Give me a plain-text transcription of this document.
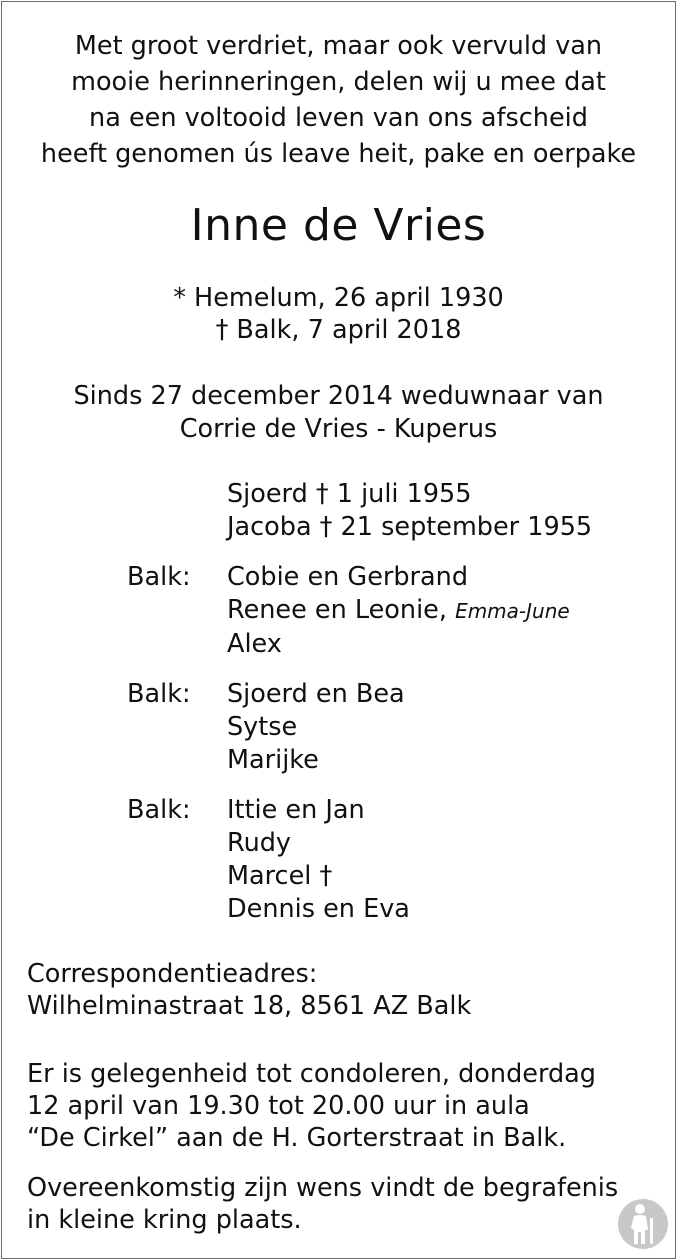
Met groot verdriet, maar ook vervuld van
mooie herinneringen, delen wij u mee dat
na een voltooid leven van ons afscheid
heeft genomen ús leave heit, pake en oerpake
Inne de Vries
* Hemelum, 26 april 1930
† Balk, 7 april 2018
Sinds 27 december 2014 weduwnaar van
Corrie de Vries - Kuperus
Sjoerd † 1 juli 1955
Jacoba † 21 september 1955
Balk: Cobie en Gerbrand
Renee en Leonie, Emma-June
Alex
Balk: Sjoerd en Bea
Sytse
Marijke
Balk: Ittie en Jan
Rudy
Marcel †
Dennis en Eva
Correspondentieadres:
Wilhelminastraat 18, 8561 AZ Balk
Er is gelegenheid tot condoleren, donderdag
12 april van 19.30 tot 20.00 uur in aula
“De Cirkel” aan de H. Gorterstraat in Balk.
Overeenkomstig zijn wens vindt de begrafenis
in kleine kring plaats.
